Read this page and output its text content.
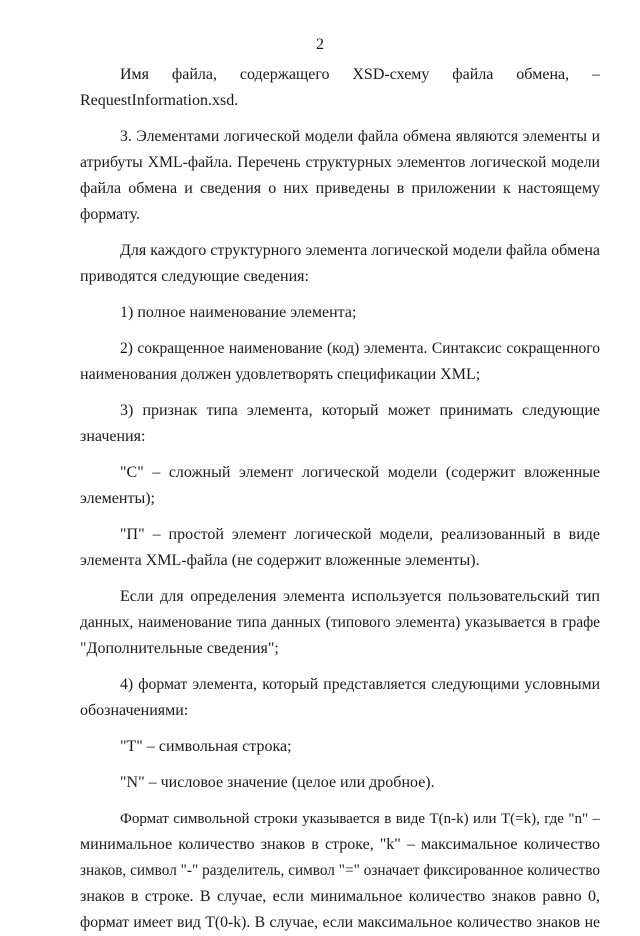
2
Имя файла, содержащего XSD-схему файла обмена, –
RequestInformation.xsd.
3. Элементами логической модели файла обмена являются элементы и
атрибуты XML-файла. Перечень структурных элементов логической модели
файла обмена и сведения о них приведены в приложении к настоящему
формату.
Для каждого структурного элемента логической модели файла обмена
приводятся следующие сведения:
1) полное наименование элемента;
2) сокращенное наименование (код) элемента. Синтаксис сокращенного
наименования должен удовлетворять спецификации XML;
3) признак типа элемента, который может принимать следующие
значения:
"С" – сложный элемент логической модели (содержит вложенные
элементы);
"П" – простой элемент логической модели, реализованный в виде
элемента XML-файла (не содержит вложенные элементы).
Если для определения элемента используется пользовательский тип
данных, наименование типа данных (типового элемента) указывается в графе
"Дополнительные сведения";
4) формат элемента, который представляется следующими условными
обозначениями:
"Т" – символьная строка;
"N" – числовое значение (целое или дробное).
Формат символьной строки указывается в виде T(n-k) или T(=k), где "n" –
минимальное количество знаков в строке, "k" – максимальное количество
знаков, символ "-" разделитель, символ "=" означает фиксированное количество
знаков в строке. В случае, если минимальное количество знаков равно 0,
формат имеет вид T(0-k). В случае, если максимальное количество знаков не
